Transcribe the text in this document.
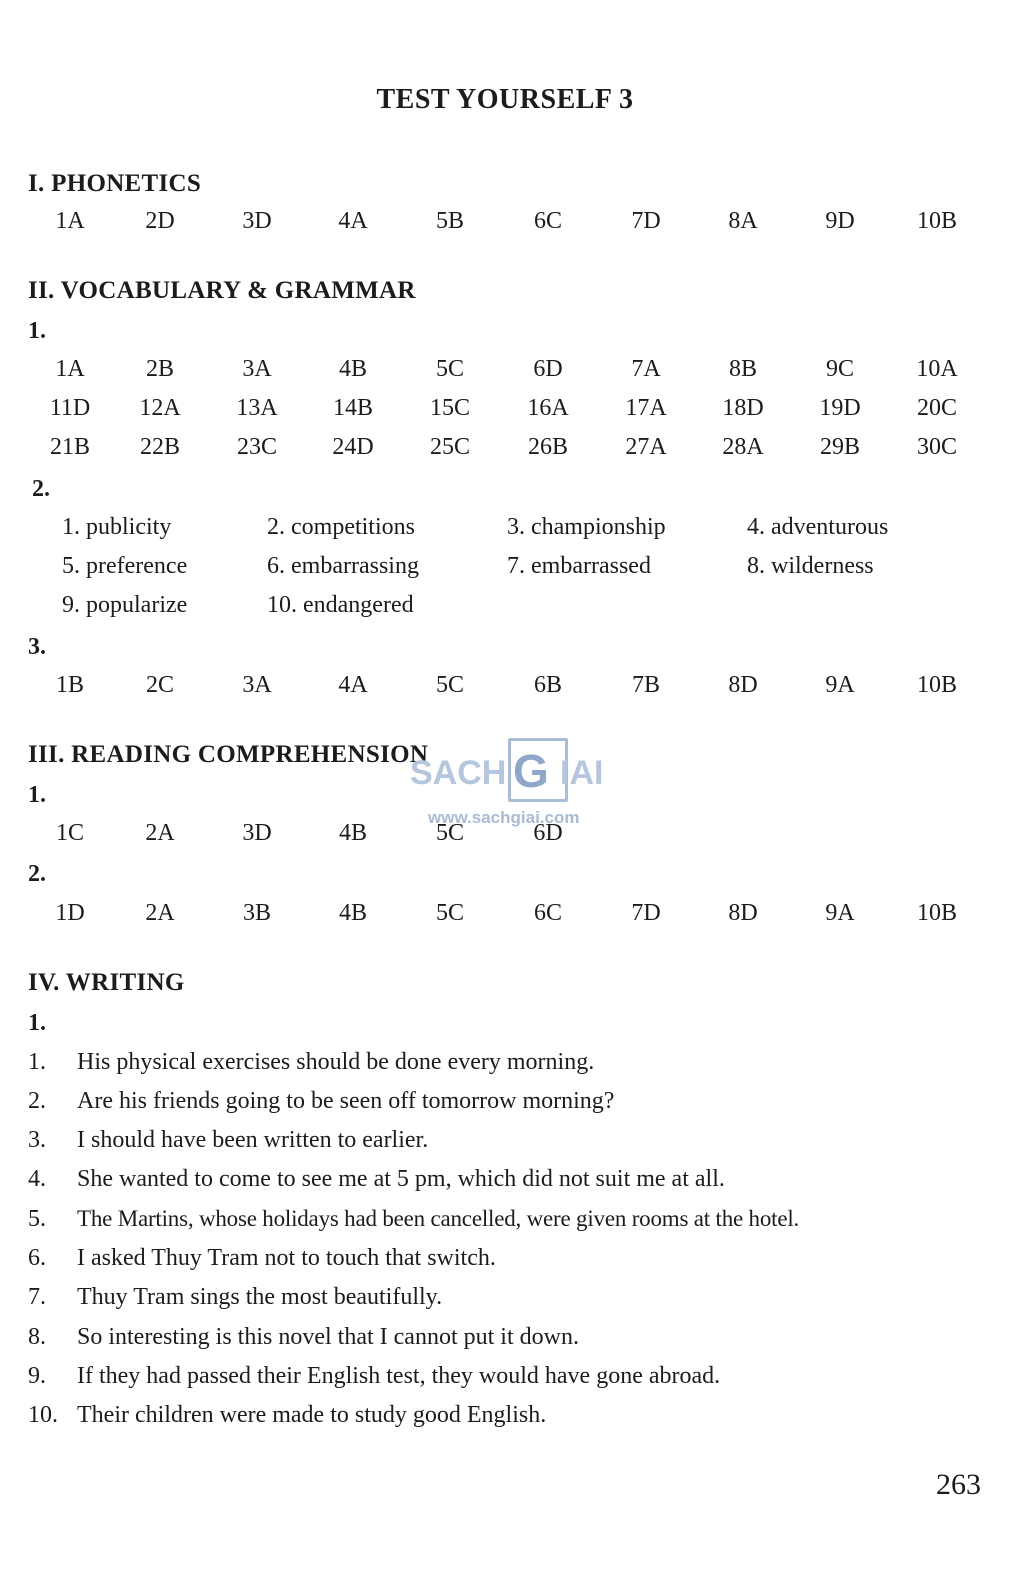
TEST YOURSELF 3
I. PHONETICS
1A	2D	3D	4A	5B	6C	7D	8A	9D	10B
II. VOCABULARY & GRAMMAR
1.
1A	2B	3A	4B	5C	6D	7A	8B	9C	10A
11D	12A	13A	14B	15C	16A	17A	18D	19D	20C
21B	22B	23C	24D	25C	26B	27A	28A	29B	30C
2.
1. publicity	2. competitions	3. championship	4. adventurous
5. preference	6. embarrassing	7. embarrassed	8. wilderness
9. popularize	10. endangered
3.
1B	2C	3A	4A	5C	6B	7B	8D	9A	10B
III. READING COMPREHENSION
1.
1C	2A	3D	4B	5C	6D
2.
1D	2A	3B	4B	5C	6C	7D	8D	9A	10B
SACH G IAI
www.sachgiai.com
IV. WRITING
1.
1. His physical exercises should be done every morning.
2. Are his friends going to be seen off tomorrow morning?
3. I should have been written to earlier.
4. She wanted to come to see me at 5 pm, which did not suit me at all.
5. The Martins, whose holidays had been cancelled, were given rooms at the hotel.
6. I asked Thuy Tram not to touch that switch.
7. Thuy Tram sings the most beautifully.
8. So interesting is this novel that I cannot put it down.
9. If they had passed their English test, they would have gone abroad.
10. Their children were made to study good English.
263
